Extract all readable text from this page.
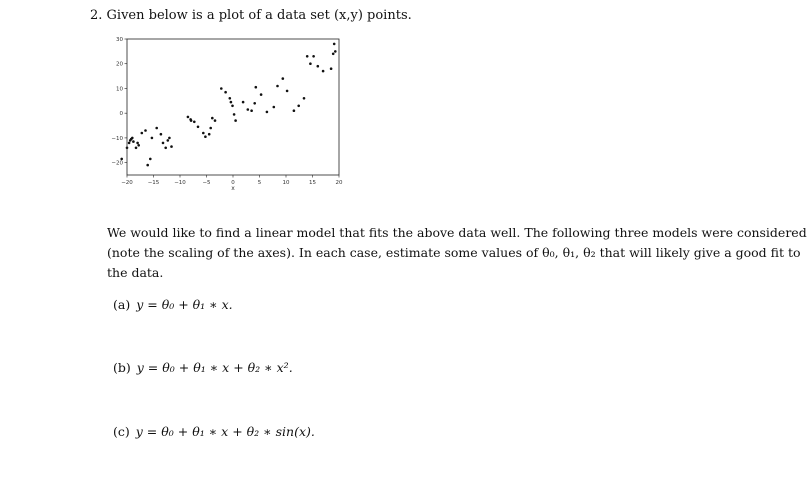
2. Given below is a plot of a data set (x,y) points.
−20	−15	−10	−5	0	5	10	15	20
30
20
10
0
−10
−20
x
We would like to find a linear model that fits the above data well. The following three models were considered
(note the scaling of the axes). In each case, estimate some values of θ₀, θ₁, θ₂ that will likely give a good fit to
the data.
(a) y = θ₀ + θ₁ ∗ x.
(b) y = θ₀ + θ₁ ∗ x + θ₂ ∗ x².
(c) y = θ₀ + θ₁ ∗ x + θ₂ ∗ sin(x).
